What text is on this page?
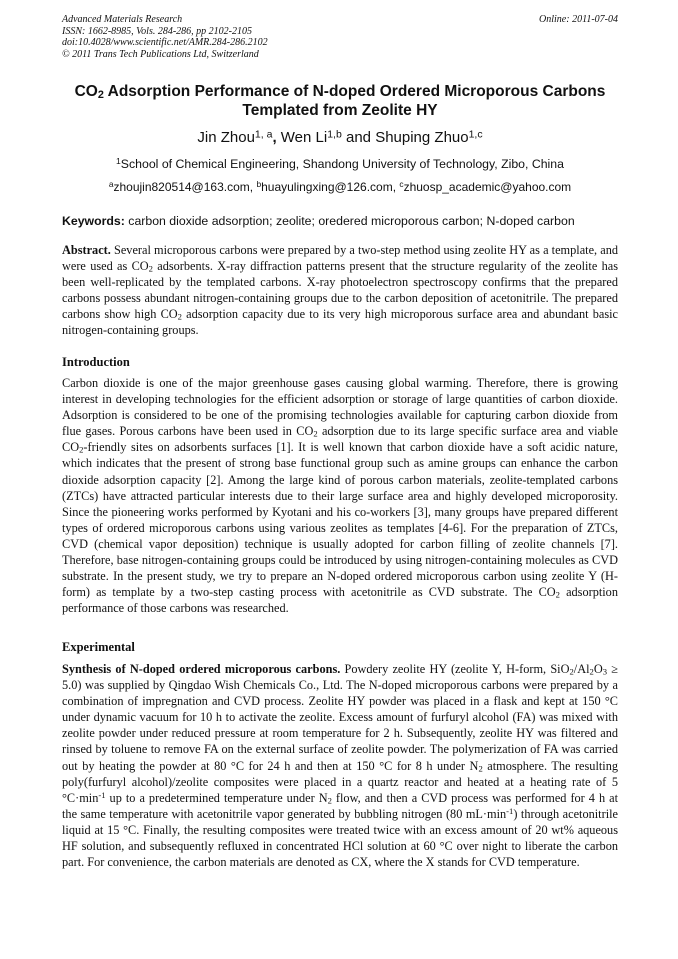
Advanced Materials Research
ISSN: 1662-8985, Vols. 284-286, pp 2102-2105
doi:10.4028/www.scientific.net/AMR.284-286.2102
© 2011 Trans Tech Publications Ltd, Switzerland
Online: 2011-07-04
$CO_2$ Adsorption Performance of N-doped Ordered Microporous Carbons
Templated from Zeolite HY
Jin Zhou$^{1, a}$, Wen Li$^{1,b}$ and Shuping Zhuo$^{1,c}$
$^1$School of Chemical Engineering, Shandong University of Technology, Zibo, China
$^a$zhoujin820514@163.com, $^b$huayulingxing@126.com, $^c$zhuosp_academic@yahoo.com
Keywords: carbon dioxide adsorption; zeolite; oredered microporous carbon; N-doped carbon

Abstract. Several microporous carbons were prepared by a two-step method using zeolite HY as a template, and were used as $CO_2$ adsorbents. X-ray diffraction patterns present that the structure regularity of the zeolite has been well-replicated by the templated carbons. X-ray photoelectron spectroscopy confirms that the prepared carbons possess abundant nitrogen-containing groups due to the carbon deposition of acetonitrile. The prepared carbons show high $CO_2$ adsorption capacity due to its very high microporous surface area and abundant basic nitrogen-containing groups.

Introduction

Carbon dioxide is one of the major greenhouse gases causing global warming. Therefore, there is growing interest in developing technologies for the efficient adsorption or storage of large quantities of carbon dioxide. Adsorption is considered to be one of the promising technologies available for capturing carbon dioxide from flue gases. Porous carbons have been used in $CO_2$ adsorption due to its large specific surface area and viable $CO_2$-friendly sites on adsorbents surfaces [1]. It is well known that carbon dioxide have a soft acidic nature, which indicates that the present of strong base functional group such as amine groups can enhance the carbon dioxide adsorption capacity [2]. Among the large kind of porous carbon materials, zeolite-templated carbons (ZTCs) have attracted particular interests due to their large surface area and highly developed microporosity. Since the pioneering works performed by Kyotani and his co-workers [3], many groups have prepared different types of ordered microporous carbons using various zeolites as templates [4-6]. For the preparation of ZTCs, CVD (chemical vapor deposition) technique is usually adopted for carbon filling of zeolite channels [7]. Therefore, base nitrogen-containing groups could be introduced by using nitrogen-containing molecules as CVD substrate. In the present study, we try to prepare an N-doped ordered microporous carbon using zeolite Y (H-form) as template by a two-step casting process with acetonitrile as CVD substrate. The $CO_2$ adsorption performance of those carbons was researched.

Experimental

Synthesis of N-doped ordered microporous carbons. Powdery zeolite HY (zeolite Y, H-form, $SiO_2/Al_2O_3 \ge 5.0$) was supplied by Qingdao Wish Chemicals Co., Ltd. The N-doped microporous carbons were prepared by a combination of impregnation and CVD process. Zeolite HY powder was placed in a flask and kept at 150 °C under dynamic vacuum for 10 h to activate the zeolite. Excess amount of furfuryl alcohol (FA) was mixed with zeolite powder under reduced pressure at room temperature for 2 h. Subsequently, zeolite HY was filtered and rinsed by toluene to remove FA on the external surface of zeolite powder. The polymerization of FA was carried out by heating the powder at 80 °C for 24 h and then at 150 °C for 8 h under $N_2$ atmosphere. The resulting poly(furfuryl alcohol)/zeolite composites were placed in a quartz reactor and heated at a heating rate of 5 $^\circ C\cdot\min^{-1}$ up to a predetermined temperature under $N_2$ flow, and then a CVD process was performed for 4 h at the same temperature with acetonitrile vapor generated by bubbling nitrogen (80 $mL\cdot\min^{-1}$) through acetonitrile liquid at 15 °C. Finally, the resulting composites were treated twice with an excess amount of 20 wt% aqueous HF solution, and subsequently refluxed in concentrated HCl solution at 60 °C over night to liberate the carbon part. For convenience, the carbon materials are denoted as CX, where the X stands for CVD temperature.
